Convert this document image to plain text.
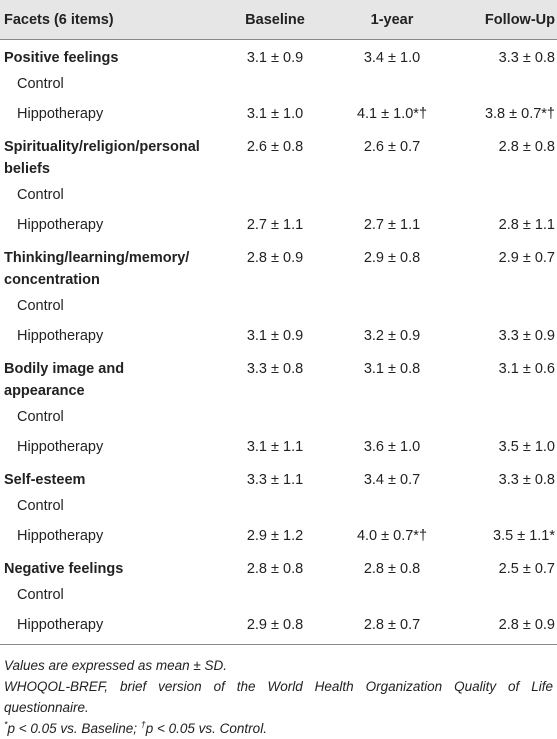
Facets (6 items)	Baseline	1-year	Follow-Up
Positive feelings	3.1 ± 0.9	3.4 ± 1.0	3.3 ± 0.8
Control			
Hippotherapy	3.1 ± 1.0	4.1 ± 1.0*†	3.8 ± 0.7*†
Spirituality/religion/personal beliefs	2.6 ± 0.8	2.6 ± 0.7	2.8 ± 0.8
Control			
Hippotherapy	2.7 ± 1.1	2.7 ± 1.1	2.8 ± 1.1
Thinking/learning/memory/ concentration	2.8 ± 0.9	2.9 ± 0.8	2.9 ± 0.7
Control			
Hippotherapy	3.1 ± 0.9	3.2 ± 0.9	3.3 ± 0.9
Bodily image and appearance	3.3 ± 0.8	3.1 ± 0.8	3.1 ± 0.6
Control			
Hippotherapy	3.1 ± 1.1	3.6 ± 1.0	3.5 ± 1.0
Self-esteem	3.3 ± 1.1	3.4 ± 0.7	3.3 ± 0.8
Control			
Hippotherapy	2.9 ± 1.2	4.0 ± 0.7*†	3.5 ± 1.1*
Negative feelings	2.8 ± 0.8	2.8 ± 0.8	2.5 ± 0.7
Control			
Hippotherapy	2.9 ± 0.8	2.8 ± 0.7	2.8 ± 0.9

Values are expressed as mean ± SD.

WHOQOL-BREF, brief version of the World Health Organization Quality of Life questionnaire.

*p < 0.05 vs. Baseline; †p < 0.05 vs. Control.
